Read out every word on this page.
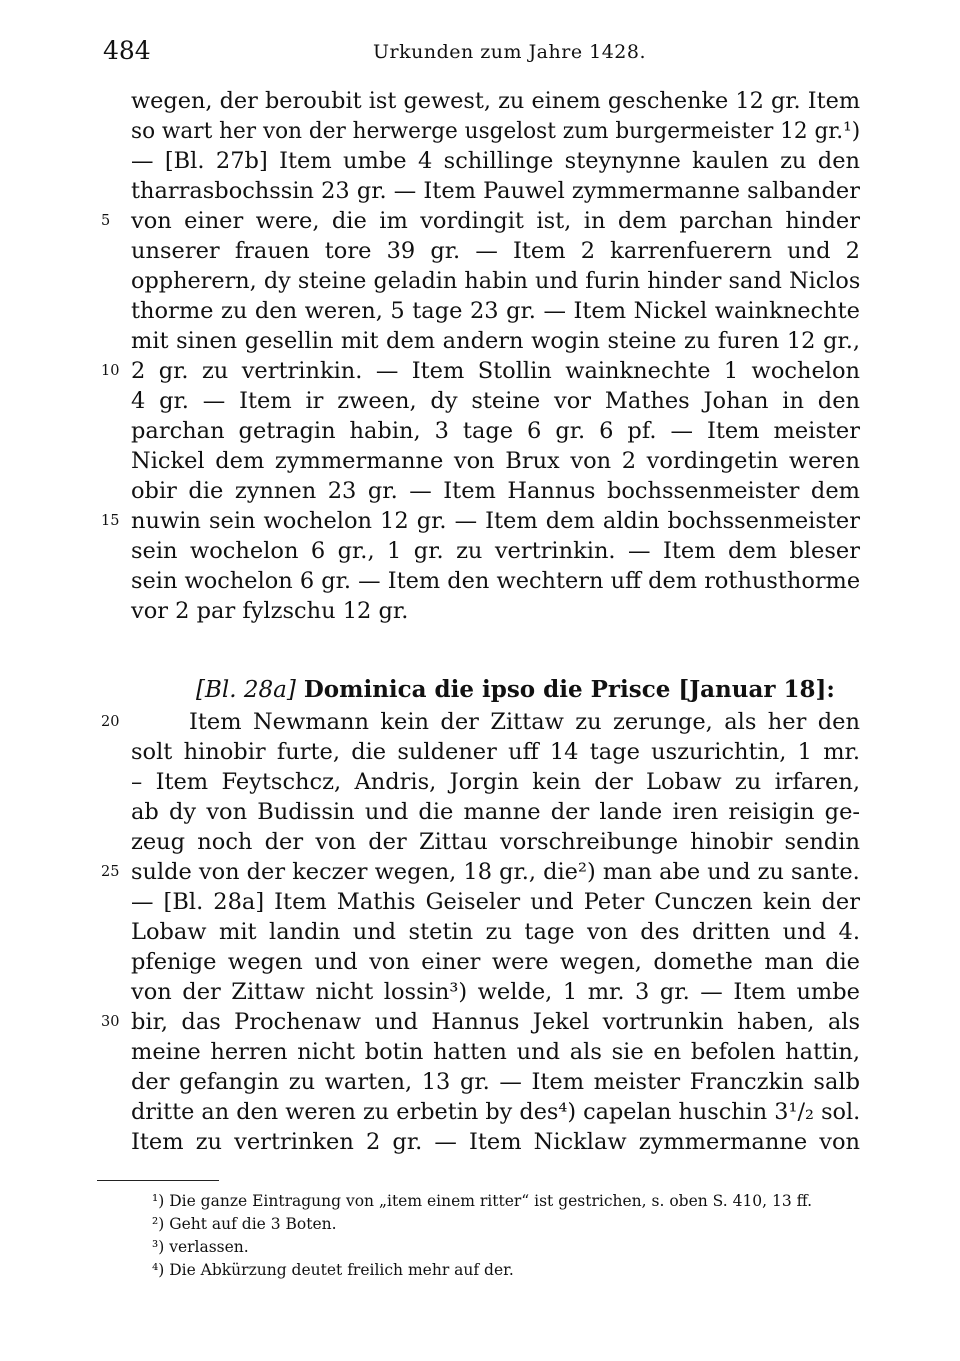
484	Urkunden zum Jahre 1428.
wegen, der beroubit ist gewest, zu einem geschenke 12 gr. Item
so wart her von der herwerge usgelost zum burgermeister 12 gr.¹)
— [Bl. 27b] Item umbe 4 schillinge steynynne kaulen zu den
tharrasbochssin 23 gr. — Item Pauwel zymmermanne salbander
von einer were, die im vordingit ist, in dem parchan hinder
unserer frauen tore 39 gr. — Item 2 karrenfuerern und 2
oppherern, dy steine geladin habin und furin hinder sand Niclos
thorme zu den weren, 5 tage 23 gr. — Item Nickel wainknechte
mit sinen gesellin mit dem andern wogin steine zu furen 12 gr.,
2 gr. zu vertrinkin. — Item Stollin wainknechte 1 wochelon
4 gr. — Item ir zween, dy steine vor Mathes Johan in den
parchan getragin habin, 3 tage 6 gr. 6 pf. — Item meister
Nickel dem zymmermanne von Brux von 2 vordingetin weren
obir die zynnen 23 gr. — Item Hannus bochssenmeister dem
nuwin sein wochelon 12 gr. — Item dem aldin bochssenmeister
sein wochelon 6 gr., 1 gr. zu vertrinkin. — Item dem bleser
sein wochelon 6 gr. — Item den wechtern uff dem rothusthorme
vor 2 par fylzschu 12 gr.
[Bl. 28a] Dominica die ipso die Prisce [Januar 18]:
Item Newmann kein der Zittaw zu zerunge, als her den
solt hinobir furte, die suldener uff 14 tage uszurichtin, 1 mr.
– Item Feytschcz, Andris, Jorgin kein der Lobaw zu irfaren,
ab dy von Budissin und die manne der lande iren reisigin ge-
zeug noch der von der Zittau vorschreibunge hinobir sendin
sulde von der keczer wegen, 18 gr., die²) man abe und zu sante.
— [Bl. 28a] Item Mathis Geiseler und Peter Cunczen kein der
Lobaw mit landin und stetin zu tage von des dritten und 4.
pfenige wegen und von einer were wegen, domethe man die
von der Zittaw nicht lossin³) welde, 1 mr. 3 gr. — Item umbe
bir, das Prochenaw und Hannus Jekel vortrunkin haben, als
meine herren nicht botin hatten und als sie en befolen hattin,
der gefangin zu warten, 13 gr. — Item meister Franczkin salb
dritte an den weren zu erbetin by des⁴) capelan huschin 3¹/₂ sol.
Item zu vertrinken 2 gr. — Item Nicklaw zymmermanne von
5
10
15
20
25
30
¹) Die ganze Eintragung von „item einem ritter“ ist gestrichen, s. oben S. 410, 13 ff.
²) Geht auf die 3 Boten.
³) verlassen.
⁴) Die Abkürzung deutet freilich mehr auf der.
